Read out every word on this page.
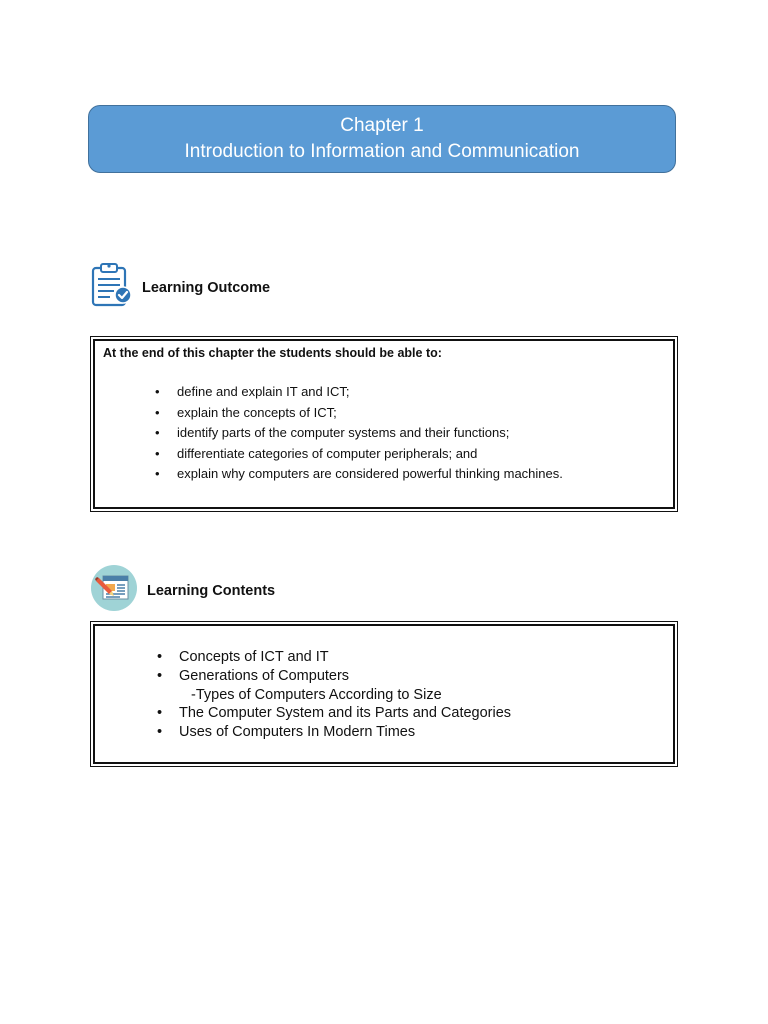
Chapter 1
Introduction to Information and Communication
Learning Outcome

At the end of this chapter the students should be able to:

• define and explain IT and ICT;
• explain the concepts of ICT;
• identify parts of the computer systems and their functions;
• differentiate categories of computer peripherals; and
• explain why computers are considered powerful thinking machines.
Learning Contents
• Concepts of ICT and IT
• Generations of Computers
-Types of Computers According to Size
• The Computer System and its Parts and Categories
• Uses of Computers In Modern Times
